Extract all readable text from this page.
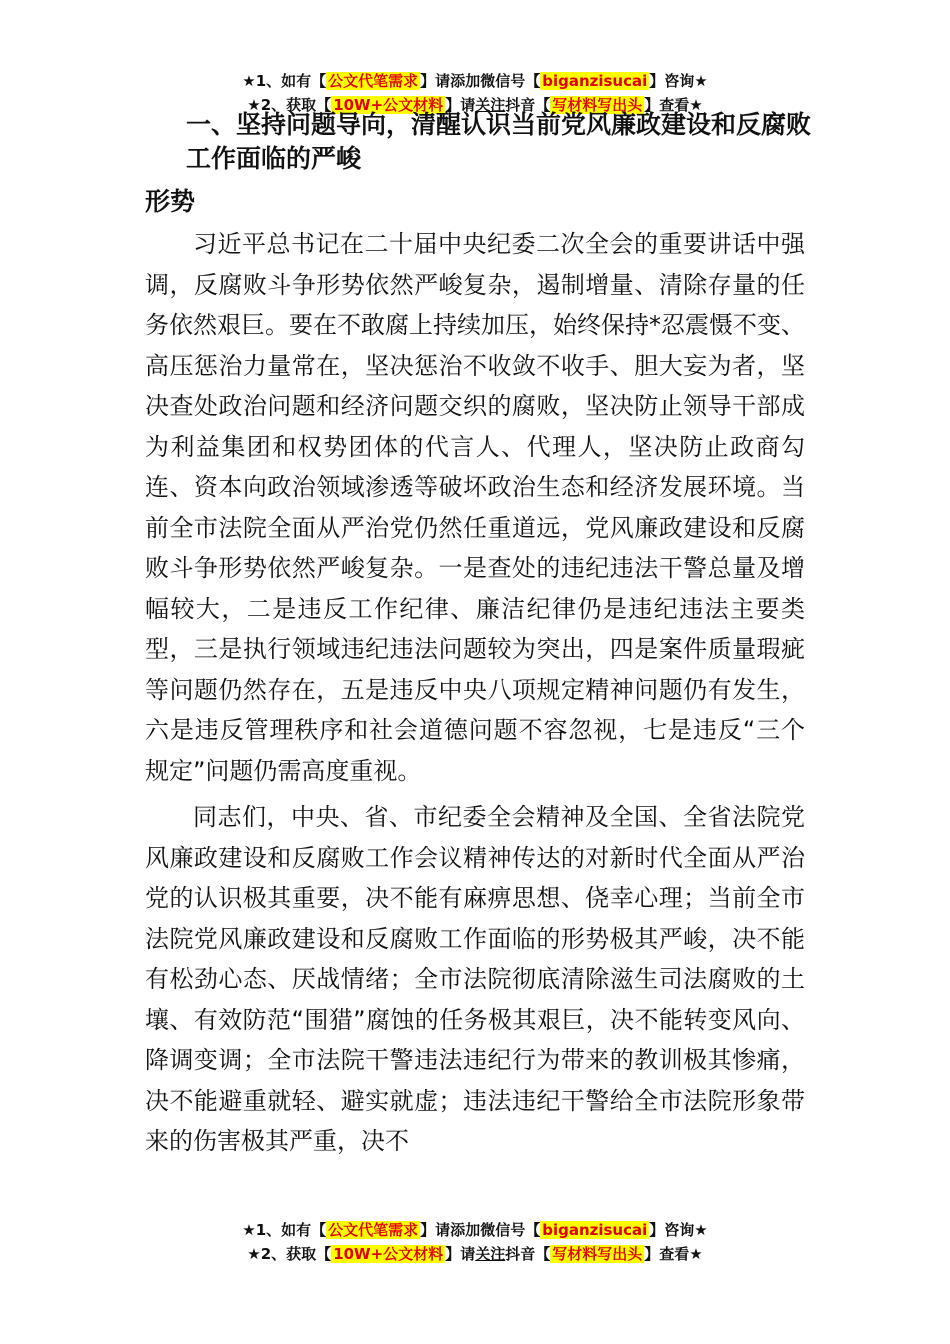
★1、如有【 公文代笔需求 】请添加微信号【 biganzisucai 】咨询★
★2、获取【 10W+公文材料 】请关注抖音【 写材料写出头 】查看★
一、坚持问题导向，清醒认识当前党风廉政建设和反腐败
工作面临的严峻
形势
习近平总书记在二十届中央纪委二次全会的重要讲话中强调，反腐败斗争形势依然严峻复杂，遏制增量、清除存量的任务依然艰巨。要在不敢腐上持续加压，始终保持*忍震慑不变、高压惩治力量常在，坚决惩治不收敛不收手、胆大妄为者，坚决查处政治问题和经济问题交织的腐败，坚决防止领导干部成为利益集团和权势团体的代言人、代理人，坚决防止政商勾连、资本向政治领域渗透等破坏政治生态和经济发展环境。当前全市法院全面从严治党仍然任重道远，党风廉政建设和反腐败斗争形势依然严峻复杂。一是查处的违纪违法干警总量及增幅较大，二是违反工作纪律、廉洁纪律仍是违纪违法主要类型，三是执行领域违纪违法问题较为突出，四是案件质量瑕疵等问题仍然存在，五是违反中央八项规定精神问题仍有发生，六是违反管理秩序和社会道德问题不容忽视，七是违反“三个规定”问题仍需高度重视。
同志们，中央、省、市纪委全会精神及全国、全省法院党风廉政建设和反腐败工作会议精神传达的对新时代全面从严治党的认识极其重要，决不能有麻痹思想、侥幸心理；当前全市法院党风廉政建设和反腐败工作面临的形势极其严峻，决不能有松劲心态、厌战情绪；全市法院彻底清除滋生司法腐败的土壤、有效防范“围猎”腐蚀的任务极其艰巨，决不能转变风向、降调变调；全市法院干警违法违纪行为带来的教训极其惨痛，决不能避重就轻、避实就虚；违法违纪干警给全市法院形象带来的伤害极其严重，决不
★1、如有【 公文代笔需求 】请添加微信号【 biganzisucai 】咨询★
★2、获取【 10W+公文材料 】请关注抖音【 写材料写出头 】查看★
